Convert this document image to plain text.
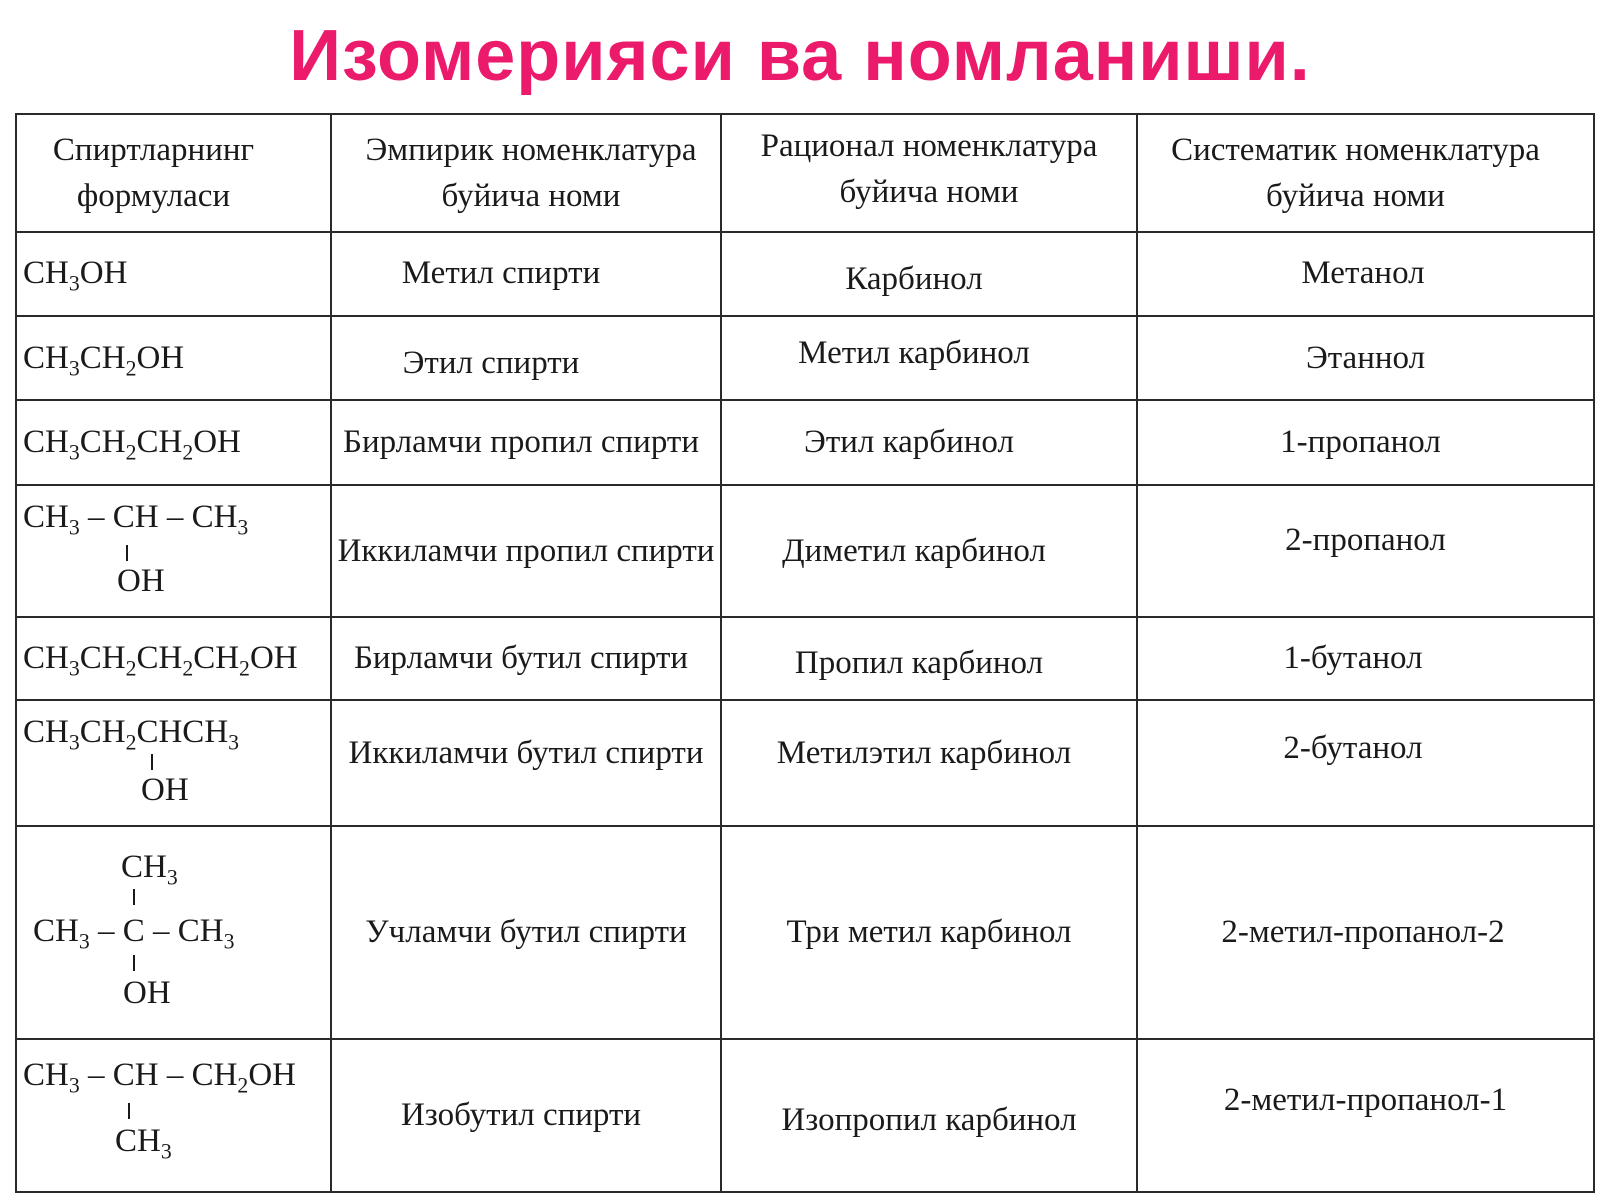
Изомерияси ва номланиши.
Спиртларнинг формуласи	Эмпирик номенклатура буйича номи	Рационал номенклатура буйича номи	Систематик номенклатура буйича номи
$CH_3OH$	Метил спирти	Карбинол	Метанол
$CH_3CH_2OH$	Этил спирти	Метил карбинол	Этаннол
$CH_3CH_2CH_2OH$	Бирламчи пропил спирти	Этил карбинол	1-пропанол

$CH_3$ – CH – $CH_3$
OH	Иккиламчи пропил спирти	Диметил карбинол	2-пропанол
$CH_3CH_2CH_2CH_2OH$	Бирламчи бутил спирти	Пропил карбинол	1-бутанол

$CH_3CH_2CHCH_3$
OH	Иккиламчи бутил спирти	Метилэтил карбинол	2-бутанол

$CH_3$
$CH_3$ – C – $CH_3$
OH	Учламчи бутил спирти	Три метил карбинол	2-метил-пропанол-2

$CH_3$ – CH – $CH_2OH$
$CH_3$	Изобутил спирти	Изопропил карбинол	2-метил-пропанол-1
